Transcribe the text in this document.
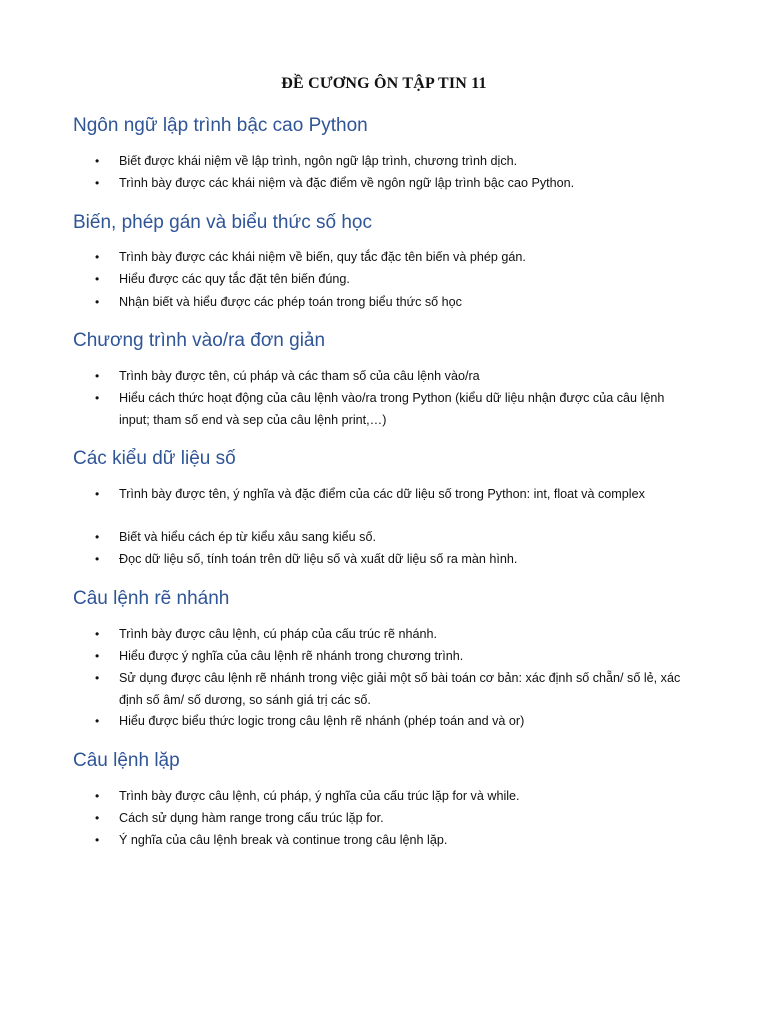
ĐỀ CƯƠNG ÔN TẬP TIN 11
Ngôn ngữ lập trình bậc cao Python
•	Biết được khái niệm về lập trình, ngôn ngữ lập trình, chương trình dịch.
•	Trình bày được các khái niệm và đặc điểm về ngôn ngữ lập trình bậc cao Python.
Biến, phép gán và biểu thức số học
•	Trình bày được các khái niệm về biến, quy tắc đặc tên biến và phép gán.
•	Hiểu được các quy tắc đặt tên biến đúng.
•	Nhận biết và hiểu được các phép toán trong biểu thức số học
Chương trình vào/ra đơn giản
•	Trình bày được tên, cú pháp và các tham số của câu lệnh vào/ra
•	Hiểu cách thức hoạt động của câu lệnh vào/ra trong Python (kiểu dữ liệu nhận được của câu lệnh input; tham số end và sep của câu lệnh print,…)
Các kiểu dữ liệu số
•	Trình bày được tên, ý nghĩa và đặc điểm của các dữ liệu số trong Python: int, float và complex
•	Biết và hiểu cách ép từ kiểu xâu sang kiểu số.
•	Đọc dữ liệu số, tính toán trên dữ liệu số và xuất dữ liệu số ra màn hình.
Câu lệnh rẽ nhánh
•	Trình bày được câu lệnh, cú pháp của cấu trúc rẽ nhánh.
•	Hiểu được ý nghĩa của câu lệnh rẽ nhánh trong chương trình.
•	Sử dụng được câu lệnh rẽ nhánh trong việc giải một số bài toán cơ bản: xác định số chẵn/ số lẻ, xác định số âm/ số dương, so sánh giá trị các số.
•	Hiểu được biểu thức logic trong câu lệnh rẽ nhánh (phép toán and và or)
Câu lệnh lặp
•	Trình bày được câu lệnh, cú pháp, ý nghĩa của cấu trúc lặp for và while.
•	Cách sử dụng hàm range trong cấu trúc lặp for.
•	Ý nghĩa của câu lệnh break và continue trong câu lệnh lặp.
